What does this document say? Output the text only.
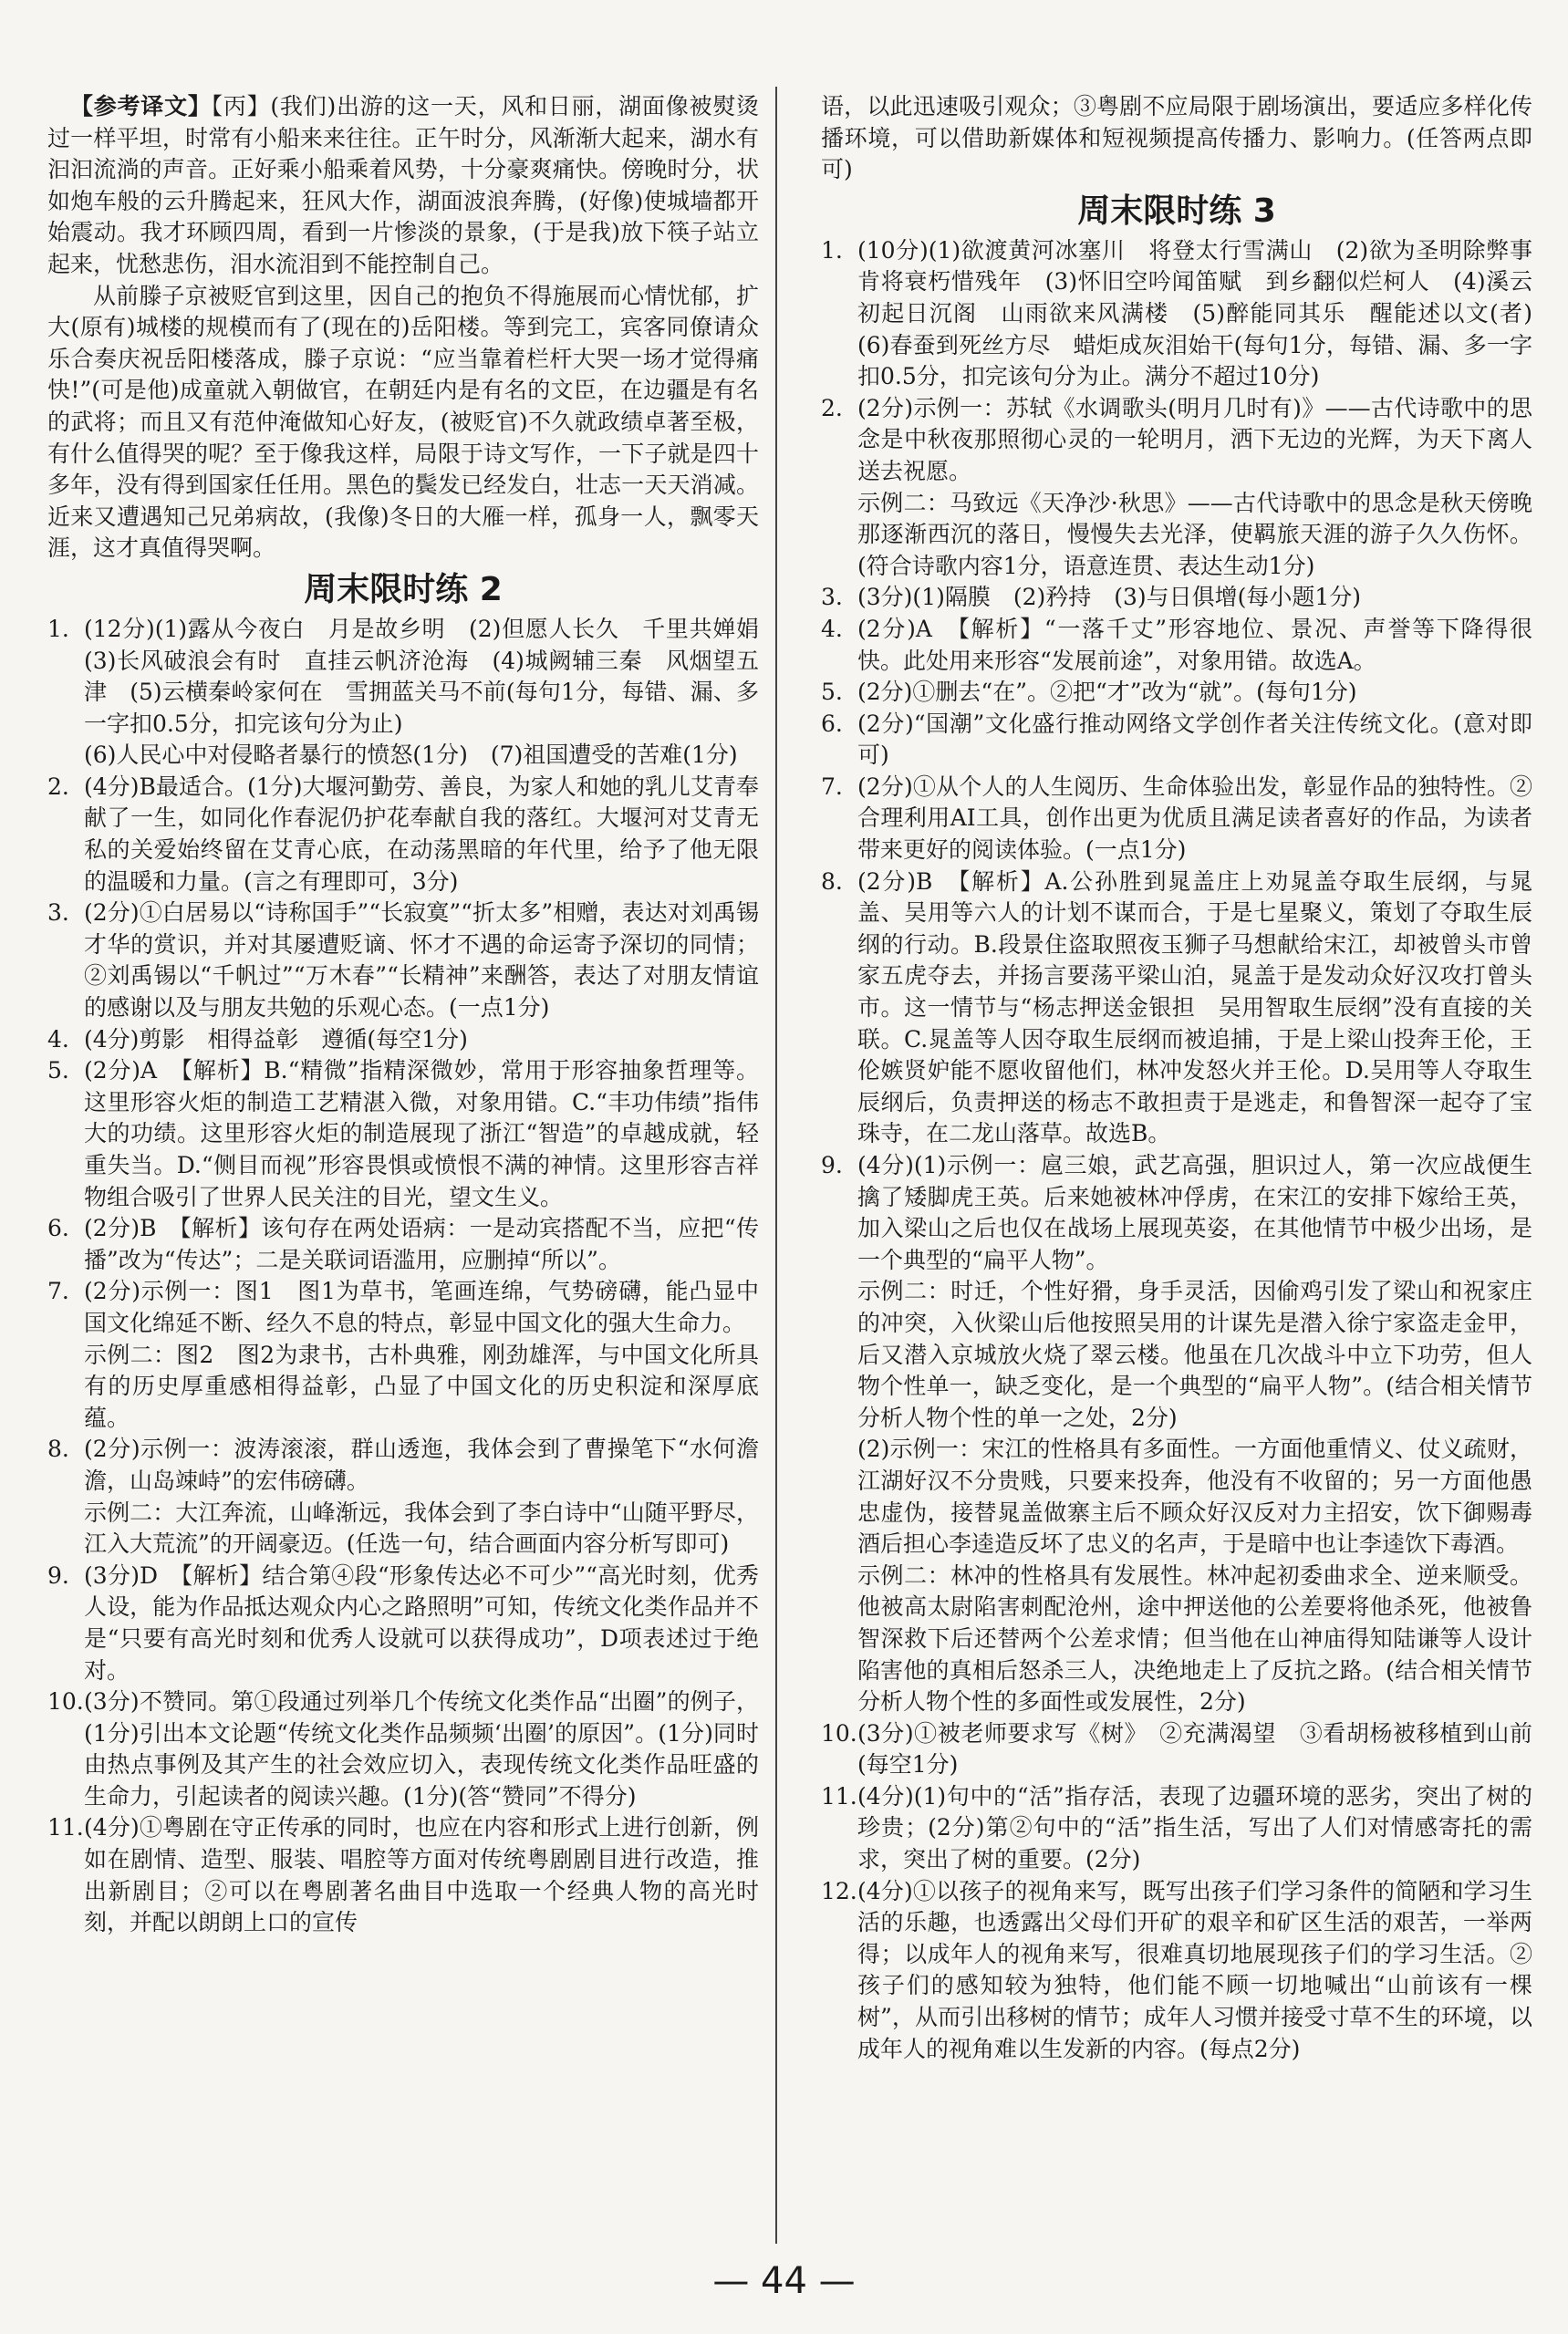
【参考译文】【丙】(我们)出游的这一天，风和日丽，湖面像被熨烫过一样平坦，时常有小船来来往往。正午时分，风渐渐大起来，湖水有汩汩流淌的声音。正好乘小船乘着风势，十分豪爽痛快。傍晚时分，状如炮车般的云升腾起来，狂风大作，湖面波浪奔腾，(好像)使城墙都开始震动。我才环顾四周，看到一片惨淡的景象，(于是我)放下筷子站立起来，忧愁悲伤，泪水流泪到不能控制自己。

从前滕子京被贬官到这里，因自己的抱负不得施展而心情忧郁，扩大(原有)城楼的规模而有了(现在的)岳阳楼。等到完工，宾客同僚请众乐合奏庆祝岳阳楼落成，滕子京说：“应当靠着栏杆大哭一场才觉得痛快!”(可是他)成童就入朝做官，在朝廷内是有名的文臣，在边疆是有名的武将；而且又有范仲淹做知心好友，(被贬官)不久就政绩卓著至极，有什么值得哭的呢？至于像我这样，局限于诗文写作，一下子就是四十多年，没有得到国家任任用。黑色的鬓发已经发白，壮志一天天消减。近来又遭遇知己兄弟病故，(我像)冬日的大雁一样，孤身一人，飘零天涯，这才真值得哭啊。

周末限时练 2

1. (12分)(1)露从今夜白　月是故乡明　(2)但愿人长久　千里共婵娟　(3)长风破浪会有时　直挂云帆济沧海　(4)城阙辅三秦　风烟望五津　(5)云横秦岭家何在　雪拥蓝关马不前(每句1分，每错、漏、多一字扣0.5分，扣完该句分为止)

(6)人民心中对侵略者暴行的愤怒(1分)　(7)祖国遭受的苦难(1分)

2. (4分)B最适合。(1分)大堰河勤劳、善良，为家人和她的乳儿艾青奉献了一生，如同化作春泥仍护花奉献自我的落红。大堰河对艾青无私的关爱始终留在艾青心底，在动荡黑暗的年代里，给予了他无限的温暖和力量。(言之有理即可，3分)

3. (2分)①白居易以“诗称国手”“长寂寞”“折太多”相赠，表达对刘禹锡才华的赏识，并对其屡遭贬谪、怀才不遇的命运寄予深切的同情；②刘禹锡以“千帆过”“万木春”“长精神”来酬答，表达了对朋友情谊的感谢以及与朋友共勉的乐观心态。(一点1分)

4. (4分)剪影　相得益彰　遵循(每空1分)

5. (2分)A　【解析】B.“精微”指精深微妙，常用于形容抽象哲理等。这里形容火炬的制造工艺精湛入微，对象用错。C.“丰功伟绩”指伟大的功绩。这里形容火炬的制造展现了浙江“智造”的卓越成就，轻重失当。D.“侧目而视”形容畏惧或愤恨不满的神情。这里形容吉祥物组合吸引了世界人民关注的目光，望文生义。

6. (2分)B　【解析】该句存在两处语病：一是动宾搭配不当，应把“传播”改为“传达”；二是关联词语滥用，应删掉“所以”。

7. (2分)示例一：图1　图1为草书，笔画连绵，气势磅礴，能凸显中国文化绵延不断、经久不息的特点，彰显中国文化的强大生命力。

示例二：图2　图2为隶书，古朴典雅，刚劲雄浑，与中国文化所具有的历史厚重感相得益彰，凸显了中国文化的历史积淀和深厚底蕴。

8. (2分)示例一：波涛滚滚，群山透迤，我体会到了曹操笔下“水何澹澹，山岛竦峙”的宏伟磅礴。

示例二：大江奔流，山峰渐远，我体会到了李白诗中“山随平野尽，江入大荒流”的开阔豪迈。(任选一句，结合画面内容分析写即可)

9. (3分)D　【解析】结合第④段“形象传达必不可少”“高光时刻，优秀人设，能为作品抵达观众内心之路照明”可知，传统文化类作品并不是“只要有高光时刻和优秀人设就可以获得成功”，D项表述过于绝对。

10.(3分)不赞同。第①段通过列举几个传统文化类作品“出圈”的例子，(1分)引出本文论题“传统文化类作品频频‘出圈’的原因”。(1分)同时由热点事例及其产生的社会效应切入，表现传统文化类作品旺盛的生命力，引起读者的阅读兴趣。(1分)(答“赞同”不得分)

11.(4分)①粤剧在守正传承的同时，也应在内容和形式上进行创新，例如在剧情、造型、服装、唱腔等方面对传统粤剧剧目进行改造，推出新剧目；②可以在粤剧著名曲目中选取一个经典人物的高光时刻，并配以朗朗上口的宣传

语，以此迅速吸引观众；③粤剧不应局限于剧场演出，要适应多样化传播环境，可以借助新媒体和短视频提高传播力、影响力。(任答两点即可)

周末限时练 3

1. (10分)(1)欲渡黄河冰塞川　将登太行雪满山　(2)欲为圣明除弊事　肯将衰朽惜残年　(3)怀旧空吟闻笛赋　到乡翻似烂柯人　(4)溪云初起日沉阁　山雨欲来风满楼　(5)醉能同其乐　醒能述以文(者)　(6)春蚕到死丝方尽　蜡炬成灰泪始干(每句1分，每错、漏、多一字扣0.5分，扣完该句分为止。满分不超过10分)

2. (2分)示例一：苏轼《水调歌头(明月几时有)》——古代诗歌中的思念是中秋夜那照彻心灵的一轮明月，洒下无边的光辉，为天下离人送去祝愿。

示例二：马致远《天净沙·秋思》——古代诗歌中的思念是秋天傍晚那逐渐西沉的落日，慢慢失去光泽，使羁旅天涯的游子久久伤怀。(符合诗歌内容1分，语意连贯、表达生动1分)

3. (3分)(1)隔膜　(2)矜持　(3)与日俱增(每小题1分)

4. (2分)A　【解析】“一落千丈”形容地位、景况、声誉等下降得很快。此处用来形容“发展前途”，对象用错。故选A。

5. (2分)①删去“在”。②把“才”改为“就”。(每句1分)

6. (2分)“国潮”文化盛行推动网络文学创作者关注传统文化。(意对即可)

7. (2分)①从个人的人生阅历、生命体验出发，彰显作品的独特性。②合理利用AI工具，创作出更为优质且满足读者喜好的作品，为读者带来更好的阅读体验。(一点1分)

8. (2分)B　【解析】A.公孙胜到晁盖庄上劝晁盖夺取生辰纲，与晁盖、吴用等六人的计划不谋而合，于是七星聚义，策划了夺取生辰纲的行动。B.段景住盗取照夜玉狮子马想献给宋江，却被曾头市曾家五虎夺去，并扬言要荡平梁山泊，晁盖于是发动众好汉攻打曾头市。这一情节与“杨志押送金银担　吴用智取生辰纲”没有直接的关联。C.晁盖等人因夺取生辰纲而被追捕，于是上梁山投奔王伦，王伦嫉贤妒能不愿收留他们，林冲发怒火并王伦。D.吴用等人夺取生辰纲后，负责押送的杨志不敢担责于是逃走，和鲁智深一起夺了宝珠寺，在二龙山落草。故选B。

9. (4分)(1)示例一：扈三娘，武艺高强，胆识过人，第一次应战便生擒了矮脚虎王英。后来她被林冲俘虏，在宋江的安排下嫁给王英，加入梁山之后也仅在战场上展现英姿，在其他情节中极少出场，是一个典型的“扁平人物”。

示例二：时迁，个性好猾，身手灵活，因偷鸡引发了梁山和祝家庄的冲突，入伙梁山后他按照吴用的计谋先是潜入徐宁家盗走金甲，后又潜入京城放火烧了翠云楼。他虽在几次战斗中立下功劳，但人物个性单一，缺乏变化，是一个典型的“扁平人物”。(结合相关情节分析人物个性的单一之处，2分)

(2)示例一：宋江的性格具有多面性。一方面他重情义、仗义疏财，江湖好汉不分贵贱，只要来投奔，他没有不收留的；另一方面他愚忠虚伪，接替晁盖做寨主后不顾众好汉反对力主招安，饮下御赐毒酒后担心李逵造反坏了忠义的名声，于是暗中也让李逵饮下毒酒。

示例二：林冲的性格具有发展性。林冲起初委曲求全、逆来顺受。他被高太尉陷害刺配沧州，途中押送他的公差要将他杀死，他被鲁智深救下后还替两个公差求情；但当他在山神庙得知陆谦等人设计陷害他的真相后怒杀三人，决绝地走上了反抗之路。(结合相关情节分析人物个性的多面性或发展性，2分)

10.(3分)①被老师要求写《树》　②充满渴望　③看胡杨被移植到山前(每空1分)

11.(4分)(1)句中的“活”指存活，表现了边疆环境的恶劣，突出了树的珍贵；(2分)第②句中的“活”指生活，写出了人们对情感寄托的需求，突出了树的重要。(2分)

12.(4分)①以孩子的视角来写，既写出孩子们学习条件的简陋和学习生活的乐趣，也透露出父母们开矿的艰辛和矿区生活的艰苦，一举两得；以成年人的视角来写，很难真切地展现孩子们的学习生活。②孩子们的感知较为独特，他们能不顾一切地喊出“山前该有一棵树”，从而引出移树的情节；成年人习惯并接受寸草不生的环境，以成年人的视角难以生发新的内容。(每点2分)

— 44 —
